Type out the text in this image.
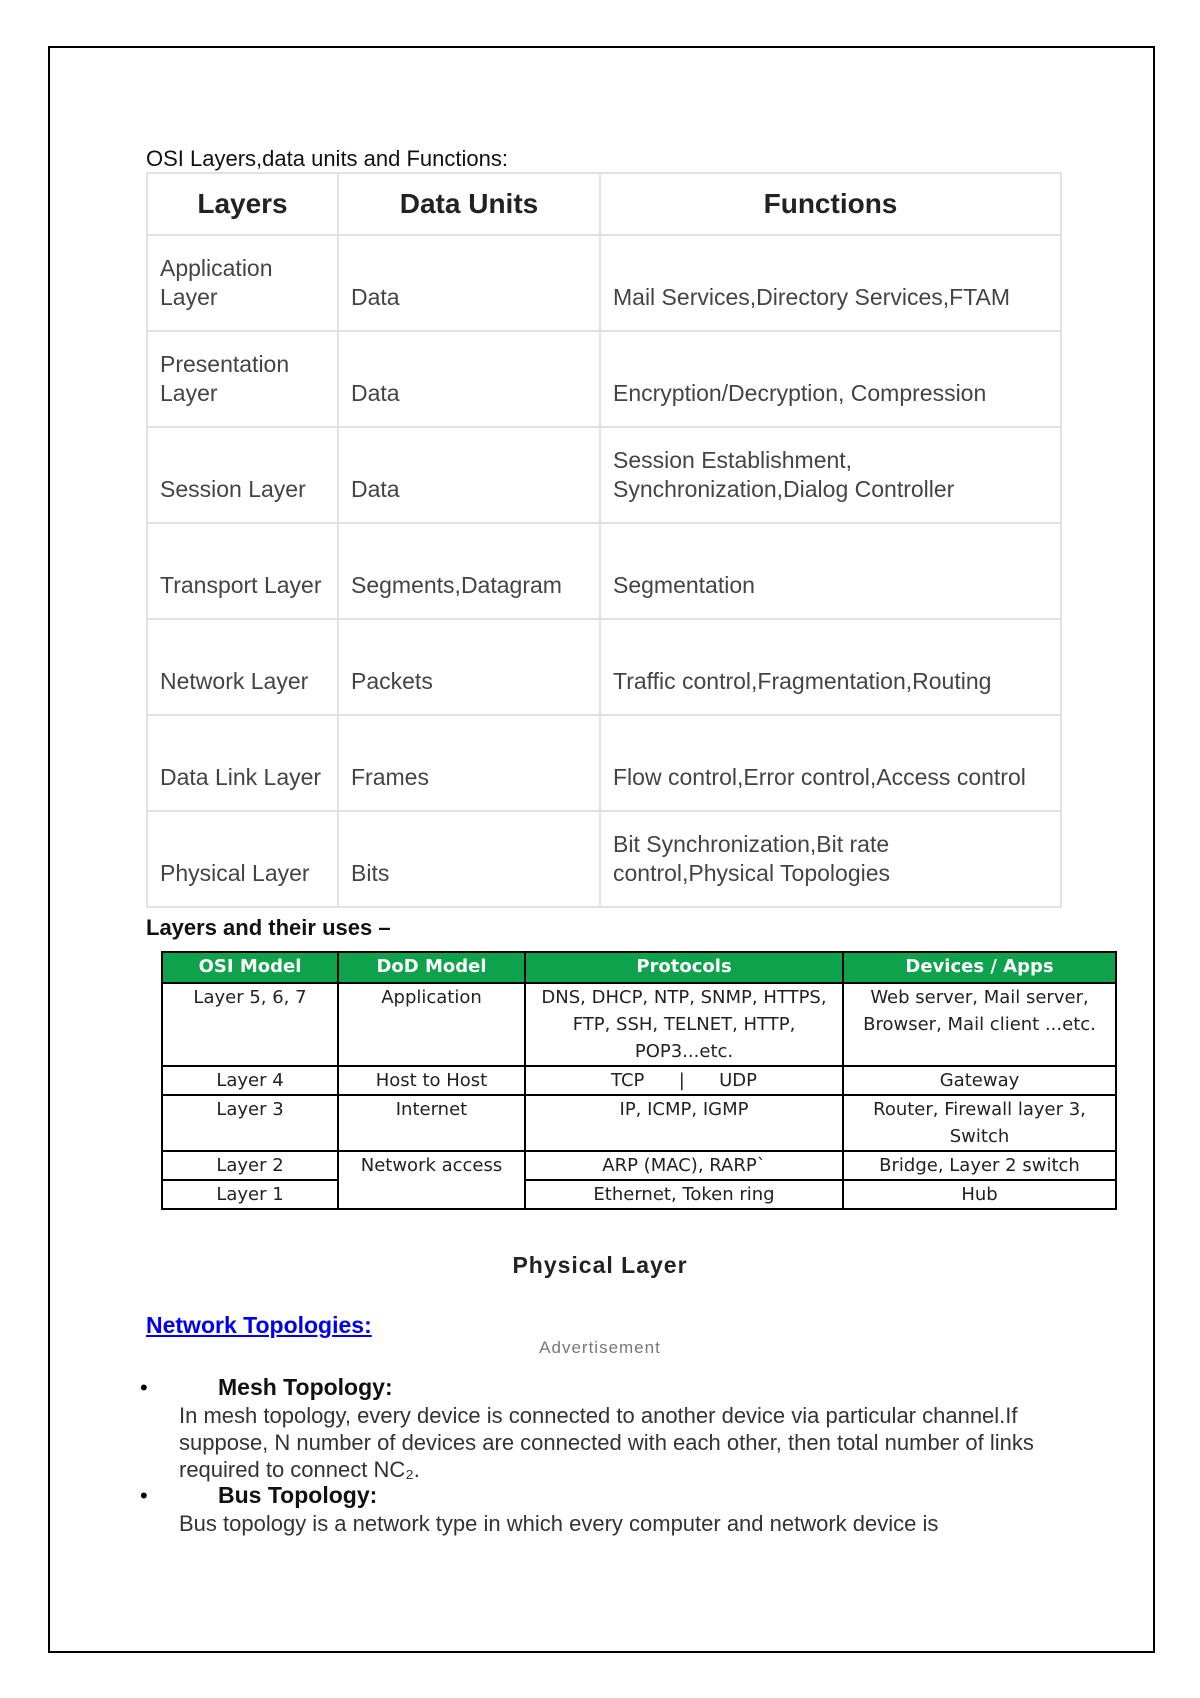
OSI Layers,data units and Functions:
Layers	Data Units	Functions
Application Layer	Data	Mail Services,Directory Services,FTAM
Presentation Layer	Data	Encryption/Decryption, Compression
Session Layer	Data	Session Establishment, Synchronization,Dialog Controller
Transport Layer	Segments,Datagram	Segmentation
Network Layer	Packets	Traffic control,Fragmentation,Routing
Data Link Layer	Frames	Flow control,Error control,Access control
Physical Layer	Bits	Bit Synchronization,Bit rate control,Physical Topologies
Layers and their uses –
OSI Model	DoD Model	Protocols	Devices / Apps
Layer 5, 6, 7	Application	DNS, DHCP, NTP, SNMP, HTTPS, FTP, SSH, TELNET, HTTP, POP3...etc.	Web server, Mail server, Browser, Mail client ...etc.
Layer 4	Host to Host	TCP      |      UDP	Gateway
Layer 3	Internet	IP, ICMP, IGMP	Router, Firewall layer 3, Switch
Layer 2	Network access	ARP (MAC), RARP`	Bridge, Layer 2 switch
Layer 1		Ethernet, Token ring	Hub
Physical Layer
Network Topologies:
Advertisement
•	Mesh Topology:
In mesh topology, every device is connected to another device via particular channel.If suppose, N number of devices are connected with each other, then total number of links required to connect NC₂.
•	Bus Topology:
Bus topology is a network type in which every computer and network device is
